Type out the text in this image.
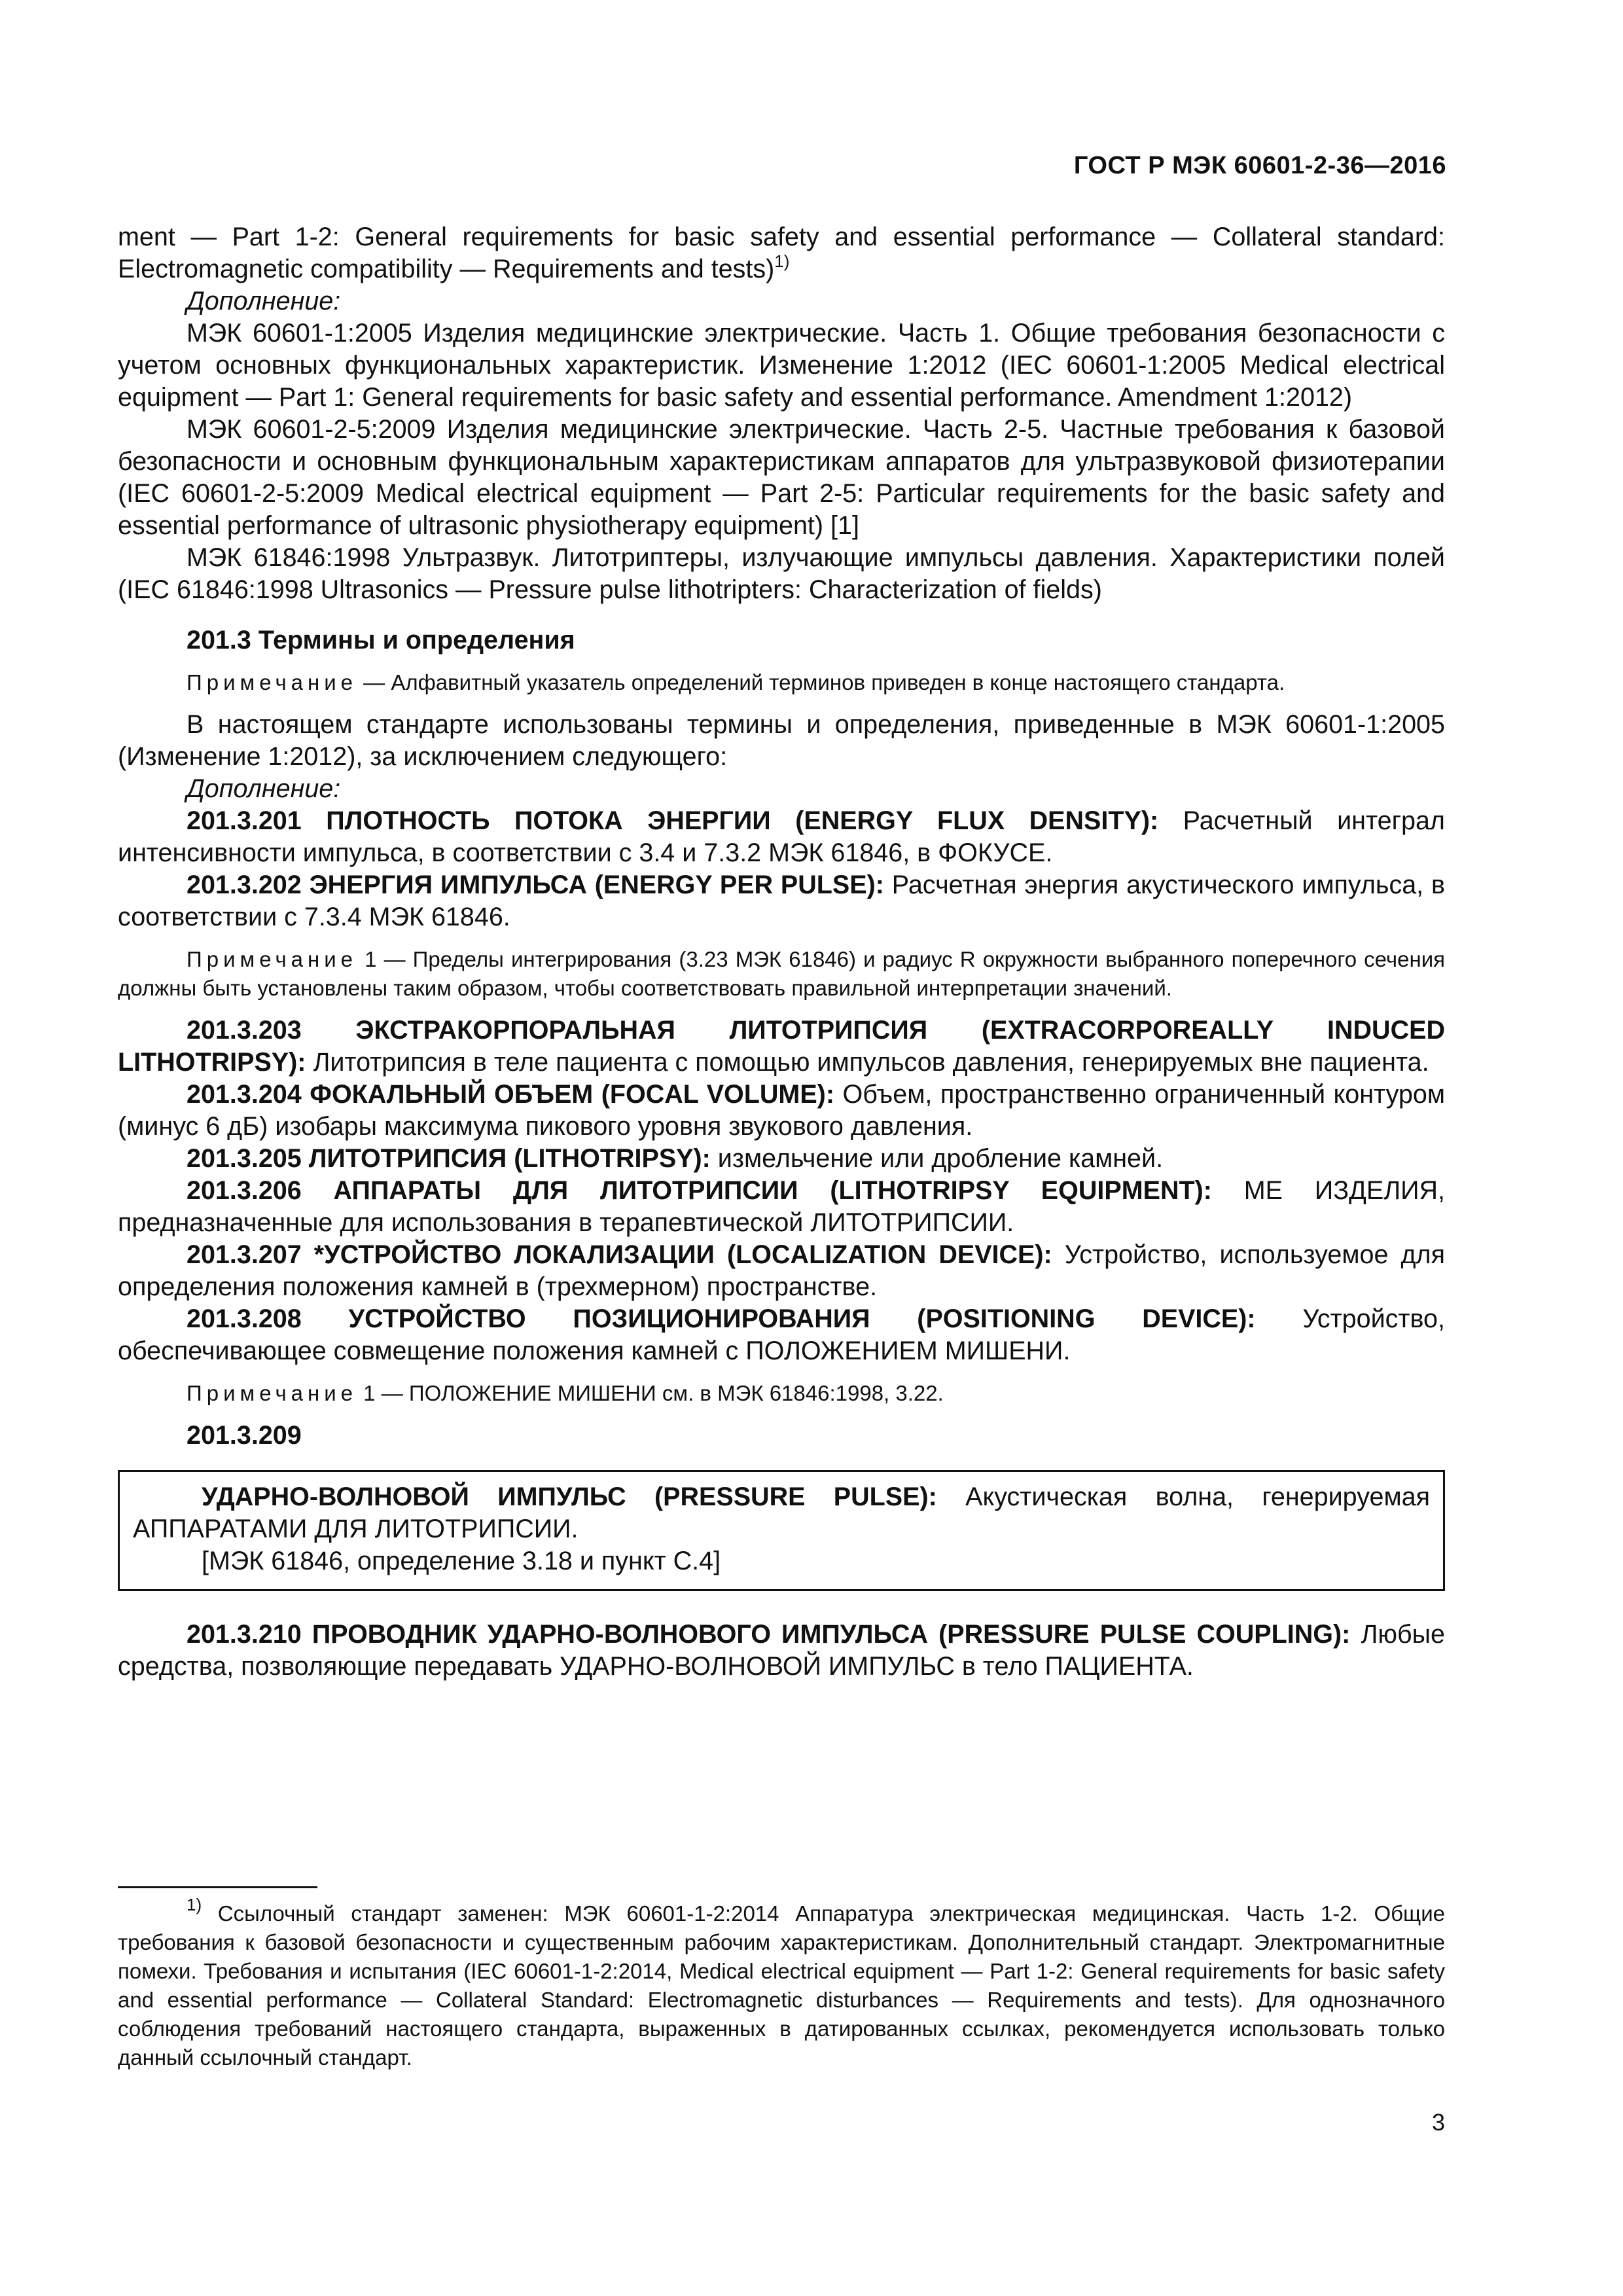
ГОСТ Р МЭК 60601-2-36—2016

ment — Part 1-2: General requirements for basic safety and essential performance — Collateral standard: Electromagnetic compatibility — Requirements and tests)$^{1)}$

Дополнение:

МЭК 60601-1:2005 Изделия медицинские электрические. Часть 1. Общие требования безопасности с учетом основных функциональных характеристик. Изменение 1:2012 (IEC 60601-1:2005 Medical electrical equipment — Part 1: General requirements for basic safety and essential performance. Amendment 1:2012)

МЭК 60601-2-5:2009 Изделия медицинские электрические. Часть 2-5. Частные требования к базовой безопасности и основным функциональным характеристикам аппаратов для ультразвуковой физиотерапии (IEC 60601-2-5:2009 Medical electrical equipment — Part 2-5: Particular requirements for the basic safety and essential performance of ultrasonic physiotherapy equipment) [1]

МЭК 61846:1998 Ультразвук. Литотриптеры, излучающие импульсы давления. Характеристики полей (IEC 61846:1998 Ultrasonics — Pressure pulse lithotripters: Characterization of fields)

201.3 Термины и определения

Примечание — Алфавитный указатель определений терминов приведен в конце настоящего стандарта.

В настоящем стандарте использованы термины и определения, приведенные в МЭК 60601-1:2005 (Изменение 1:2012), за исключением следующего:

Дополнение:

201.3.201 ПЛОТНОСТЬ ПОТОКА ЭНЕРГИИ (ENERGY FLUX DENSITY): Расчетный интеграл интенсивности импульса, в соответствии с 3.4 и 7.3.2 МЭК 61846, в ФОКУСЕ.

201.3.202 ЭНЕРГИЯ ИМПУЛЬСА (ENERGY PER PULSE): Расчетная энергия акустического импульса, в соответствии с 7.3.4 МЭК 61846.

Примечание 1 — Пределы интегрирования (3.23 МЭК 61846) и радиус R окружности выбранного поперечного сечения должны быть установлены таким образом, чтобы соответствовать правильной интерпретации значений.

201.3.203 ЭКСТРАКОРПОРАЛЬНАЯ ЛИТОТРИПСИЯ (EXTRACORPOREALLY INDUCED LITHOTRIPSY): Литотрипсия в теле пациента с помощью импульсов давления, генерируемых вне пациента.

201.3.204 ФОКАЛЬНЫЙ ОБЪЕМ (FOCAL VOLUME): Объем, пространственно ограниченный контуром (минус 6 дБ) изобары максимума пикового уровня звукового давления.

201.3.205 ЛИТОТРИПСИЯ (LITHOTRIPSY): измельчение или дробление камней.

201.3.206 АППАРАТЫ ДЛЯ ЛИТОТРИПСИИ (LITHOTRIPSY EQUIPMENT): МЕ ИЗДЕЛИЯ, предназначенные для использования в терапевтической ЛИТОТРИПСИИ.

201.3.207 *УСТРОЙСТВО ЛОКАЛИЗАЦИИ (LOCALIZATION DEVICE): Устройство, используемое для определения положения камней в (трехмерном) пространстве.

201.3.208 УСТРОЙСТВО ПОЗИЦИОНИРОВАНИЯ (POSITIONING DEVICE): Устройство, обеспечивающее совмещение положения камней с ПОЛОЖЕНИЕМ МИШЕНИ.

Примечание 1 — ПОЛОЖЕНИЕ МИШЕНИ см. в МЭК 61846:1998, 3.22.

201.3.209

УДАРНО-ВОЛНОВОЙ ИМПУЛЬС (PRESSURE PULSE): Акустическая волна, генерируемая АППАРАТАМИ ДЛЯ ЛИТОТРИПСИИ.

[МЭК 61846, определение 3.18 и пункт С.4]

201.3.210 ПРОВОДНИК УДАРНО-ВОЛНОВОГО ИМПУЛЬСА (PRESSURE PULSE COUPLING): Любые средства, позволяющие передавать УДАРНО-ВОЛНОВОЙ ИМПУЛЬС в тело ПАЦИЕНТА.

$^{1)}$ Ссылочный стандарт заменен: МЭК 60601-1-2:2014 Аппаратура электрическая медицинская. Часть 1-2. Общие требования к базовой безопасности и существенным рабочим характеристикам. Дополнительный стандарт. Электромагнитные помехи. Требования и испытания (IEC 60601-1-2:2014, Medical electrical equipment — Part 1-2: General requirements for basic safety and essential performance — Collateral Standard: Electromagnetic disturbances — Requirements and tests). Для однозначного соблюдения требований настоящего стандарта, выраженных в датированных ссылках, рекомендуется использовать только данный ссылочный стандарт.

3
